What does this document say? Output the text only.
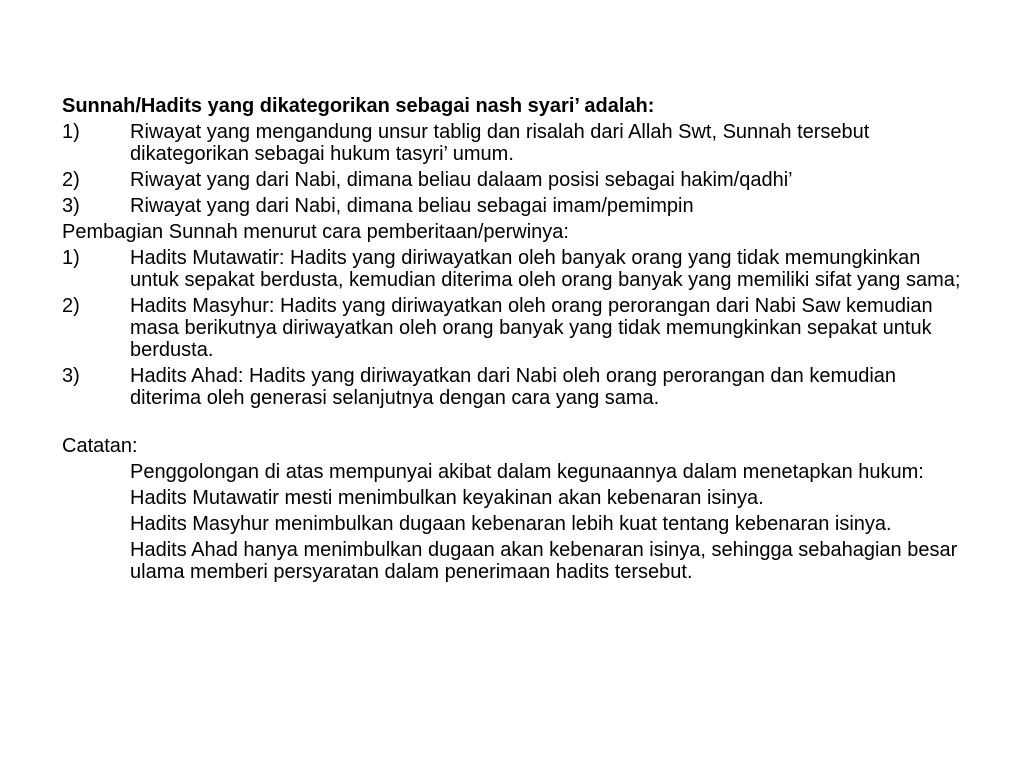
Sunnah/Hadits yang dikategorikan sebagai nash syari’ adalah:
1)	Riwayat yang mengandung unsur tablig dan risalah dari Allah Swt, Sunnah tersebut dikategorikan sebagai hukum tasyri’ umum.
2)	Riwayat yang dari Nabi, dimana beliau dalaam posisi sebagai hakim/qadhi’
3)	Riwayat yang dari Nabi, dimana beliau sebagai imam/pemimpin
Pembagian Sunnah menurut cara pemberitaan/perwinya:
1)	Hadits Mutawatir: Hadits yang diriwayatkan oleh banyak orang yang tidak memungkinkan untuk sepakat berdusta, kemudian diterima oleh orang banyak yang memiliki sifat yang sama;
2)	Hadits Masyhur: Hadits yang diriwayatkan oleh orang perorangan dari Nabi Saw kemudian masa berikutnya diriwayatkan oleh orang banyak yang tidak memungkinkan sepakat untuk berdusta.
3)	Hadits Ahad: Hadits yang diriwayatkan dari Nabi oleh orang perorangan dan kemudian diterima oleh generasi selanjutnya dengan cara yang sama.
Catatan:
Penggolongan di atas mempunyai akibat dalam kegunaannya dalam menetapkan hukum:
Hadits Mutawatir mesti menimbulkan keyakinan akan kebenaran isinya.
Hadits Masyhur menimbulkan dugaan kebenaran lebih kuat tentang kebenaran isinya.
Hadits Ahad hanya menimbulkan dugaan akan kebenaran isinya, sehingga sebahagian besar ulama memberi persyaratan dalam penerimaan hadits tersebut.
